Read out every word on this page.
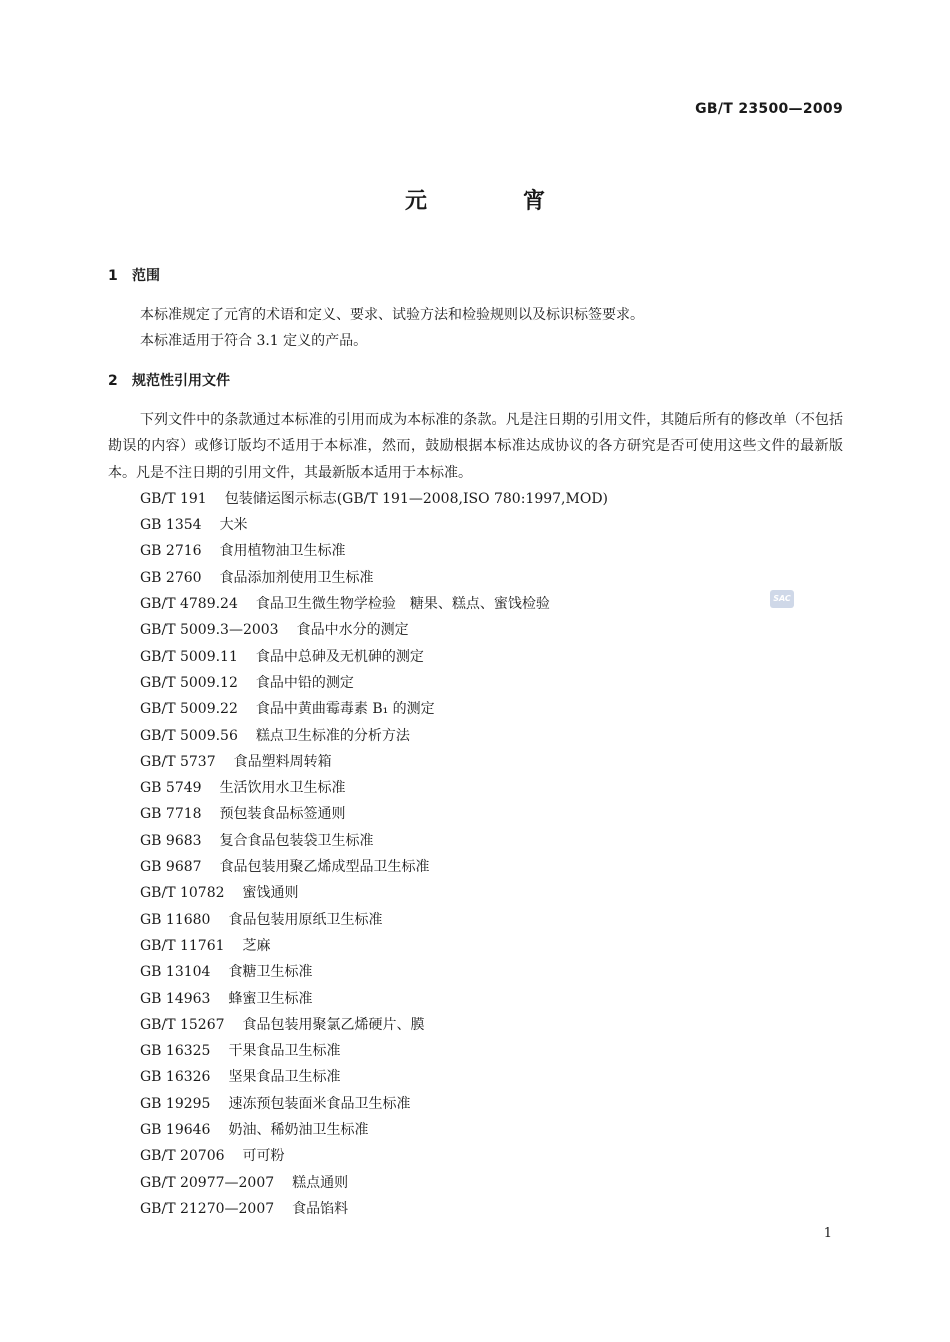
GB/T 23500—2009
元宵
1 范围

本标准规定了元宵的术语和定义、要求、试验方法和检验规则以及标识标签要求。

本标准适用于符合 3.1 定义的产品。

2 规范性引用文件

下列文件中的条款通过本标准的引用而成为本标准的条款。凡是注日期的引用文件，其随后所有的修改单（不包括勘误的内容）或修订版均不适用于本标准，然而，鼓励根据本标准达成协议的各方研究是否可使用这些文件的最新版本。凡是不注日期的引用文件，其最新版本适用于本标准。

GB/T 191 包装储运图示标志(GB/T 191—2008,ISO 780:1997,MOD)
GB 1354 大米
GB 2716 食用植物油卫生标准
GB 2760 食品添加剂使用卫生标准
GB/T 4789.24 食品卫生微生物学检验　糖果、糕点、蜜饯检验
GB/T 5009.3—2003 食品中水分的测定
GB/T 5009.11 食品中总砷及无机砷的测定
GB/T 5009.12 食品中铅的测定
GB/T 5009.22 食品中黄曲霉毒素 B₁ 的测定
GB/T 5009.56 糕点卫生标准的分析方法
GB/T 5737 食品塑料周转箱
GB 5749 生活饮用水卫生标准
GB 7718 预包装食品标签通则
GB 9683 复合食品包装袋卫生标准
GB 9687 食品包装用聚乙烯成型品卫生标准
GB/T 10782 蜜饯通则
GB 11680 食品包装用原纸卫生标准
GB/T 11761 芝麻
GB 13104 食糖卫生标准
GB 14963 蜂蜜卫生标准
GB/T 15267 食品包装用聚氯乙烯硬片、膜
GB 16325 干果食品卫生标准
GB 16326 坚果食品卫生标准
GB 19295 速冻预包装面米食品卫生标准
GB 19646 奶油、稀奶油卫生标准
GB/T 20706 可可粉
GB/T 20977—2007 糕点通则
GB/T 21270—2007 食品馅料
SAC
1
